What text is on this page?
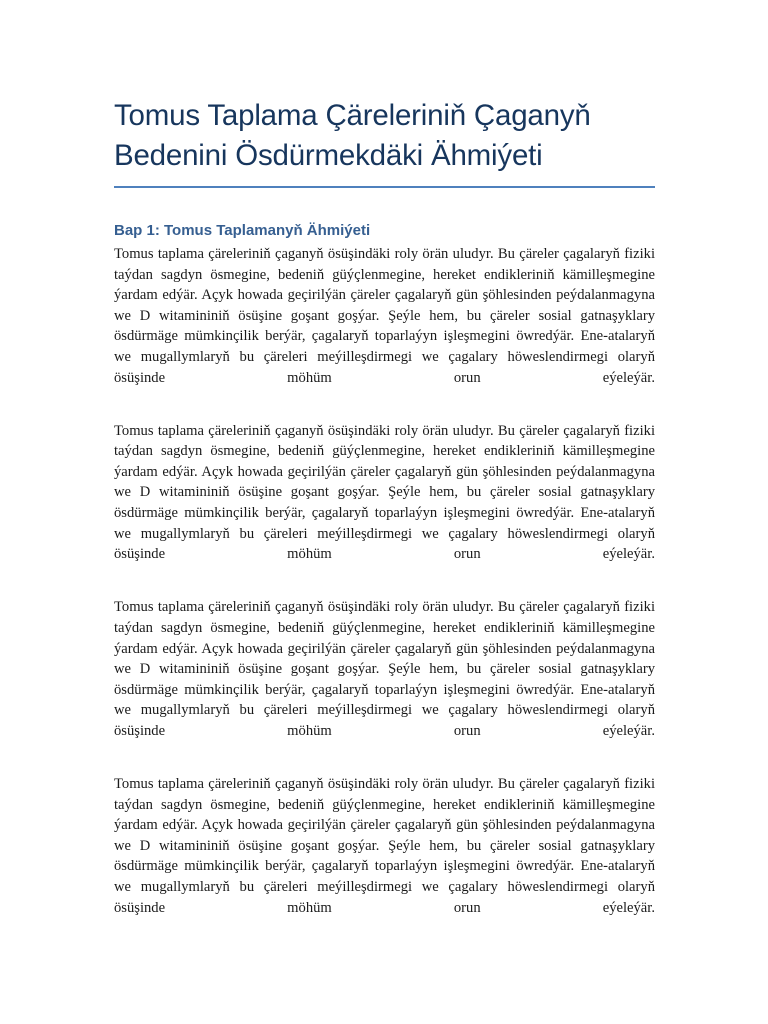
Tomus Taplama Çäreleriniň Çaganyň
Bedenini Ösdürmekdäki Ähmiýeti
Bap 1: Tomus Taplamanyň Ähmiýeti

Tomus taplama çäreleriniň çaganyň ösüşindäki roly örän uludyr. Bu çäreler çagalaryň fiziki taýdan sagdyn ösmegine, bedeniň güýçlenmegine, hereket endikleriniň kämilleşmegine ýardam edýär. Açyk howada geçirilýän çäreler çagalaryň gün şöhlesinden peýdalanmagyna we D witamininiň ösüşine goşant goşýar. Şeýle hem, bu çäreler sosial gatnaşyklary ösdürmäge mümkinçilik berýär, çagalaryň toparlaýyn işleşmegini öwredýär. Ene-atalaryň we mugallymlaryň bu çäreleri meýilleşdirmegi we çagalary höweslendirmegi olaryň ösüşinde möhüm orun eýeleýär.

Tomus taplama çäreleriniň çaganyň ösüşindäki roly örän uludyr. Bu çäreler çagalaryň fiziki taýdan sagdyn ösmegine, bedeniň güýçlenmegine, hereket endikleriniň kämilleşmegine ýardam edýär. Açyk howada geçirilýän çäreler çagalaryň gün şöhlesinden peýdalanmagyna we D witamininiň ösüşine goşant goşýar. Şeýle hem, bu çäreler sosial gatnaşyklary ösdürmäge mümkinçilik berýär, çagalaryň toparlaýyn işleşmegini öwredýär. Ene-atalaryň we mugallymlaryň bu çäreleri meýilleşdirmegi we çagalary höweslendirmegi olaryň ösüşinde möhüm orun eýeleýär.

Tomus taplama çäreleriniň çaganyň ösüşindäki roly örän uludyr. Bu çäreler çagalaryň fiziki taýdan sagdyn ösmegine, bedeniň güýçlenmegine, hereket endikleriniň kämilleşmegine ýardam edýär. Açyk howada geçirilýän çäreler çagalaryň gün şöhlesinden peýdalanmagyna we D witamininiň ösüşine goşant goşýar. Şeýle hem, bu çäreler sosial gatnaşyklary ösdürmäge mümkinçilik berýär, çagalaryň toparlaýyn işleşmegini öwredýär. Ene-atalaryň we mugallymlaryň bu çäreleri meýilleşdirmegi we çagalary höweslendirmegi olaryň ösüşinde möhüm orun eýeleýär.

Tomus taplama çäreleriniň çaganyň ösüşindäki roly örän uludyr. Bu çäreler çagalaryň fiziki taýdan sagdyn ösmegine, bedeniň güýçlenmegine, hereket endikleriniň kämilleşmegine ýardam edýär. Açyk howada geçirilýän çäreler çagalaryň gün şöhlesinden peýdalanmagyna we D witamininiň ösüşine goşant goşýar. Şeýle hem, bu çäreler sosial gatnaşyklary ösdürmäge mümkinçilik berýär, çagalaryň toparlaýyn işleşmegini öwredýär. Ene-atalaryň we mugallymlaryň bu çäreleri meýilleşdirmegi we çagalary höweslendirmegi olaryň ösüşinde möhüm orun eýeleýär.
